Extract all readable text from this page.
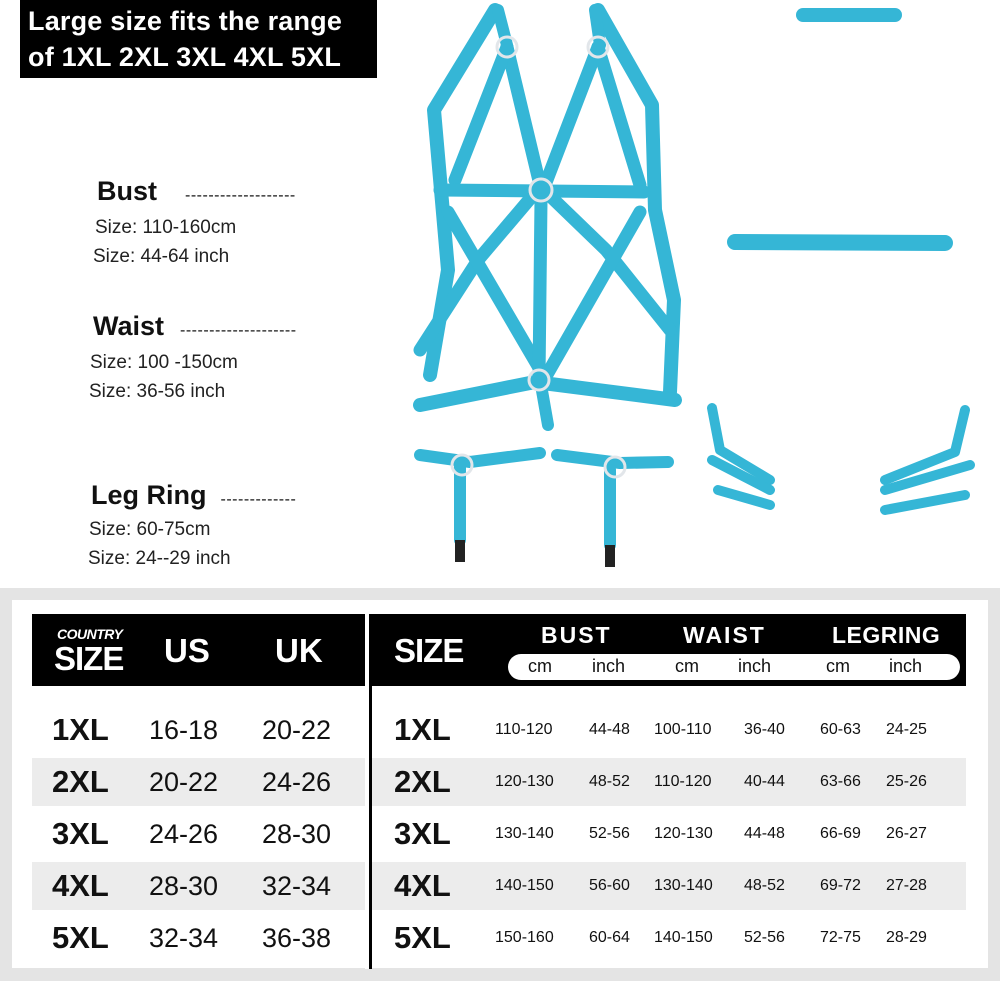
Large size fits the range
of 1XL 2XL 3XL 4XL 5XL
Bust -------------------
Size: 110-160cm
Size: 44-64 inch
Waist --------------------
Size: 100 -150cm
Size: 36-56 inch
Leg Ring -------------
Size: 60-75cm
Size: 24--29 inch
COUNTRY
SIZE US UK SIZE	BUST	WAIST	LEGRING
cm inch	cm inch	cm inch
1XL 16-18 20-22 1XL	110-120 44-48 100-110 36-40 60-63 24-25
2XL 20-22 24-26 2XL	120-130 48-52 110-120 40-44 63-66 25-26
3XL 24-26 28-30 3XL	130-140 52-56 120-130 44-48 66-69 26-27
4XL 28-30 32-34 4XL	140-150 56-60 130-140 48-52 69-72 27-28
5XL 32-34 36-38 5XL	150-160 60-64 140-150 52-56 72-75 28-29
